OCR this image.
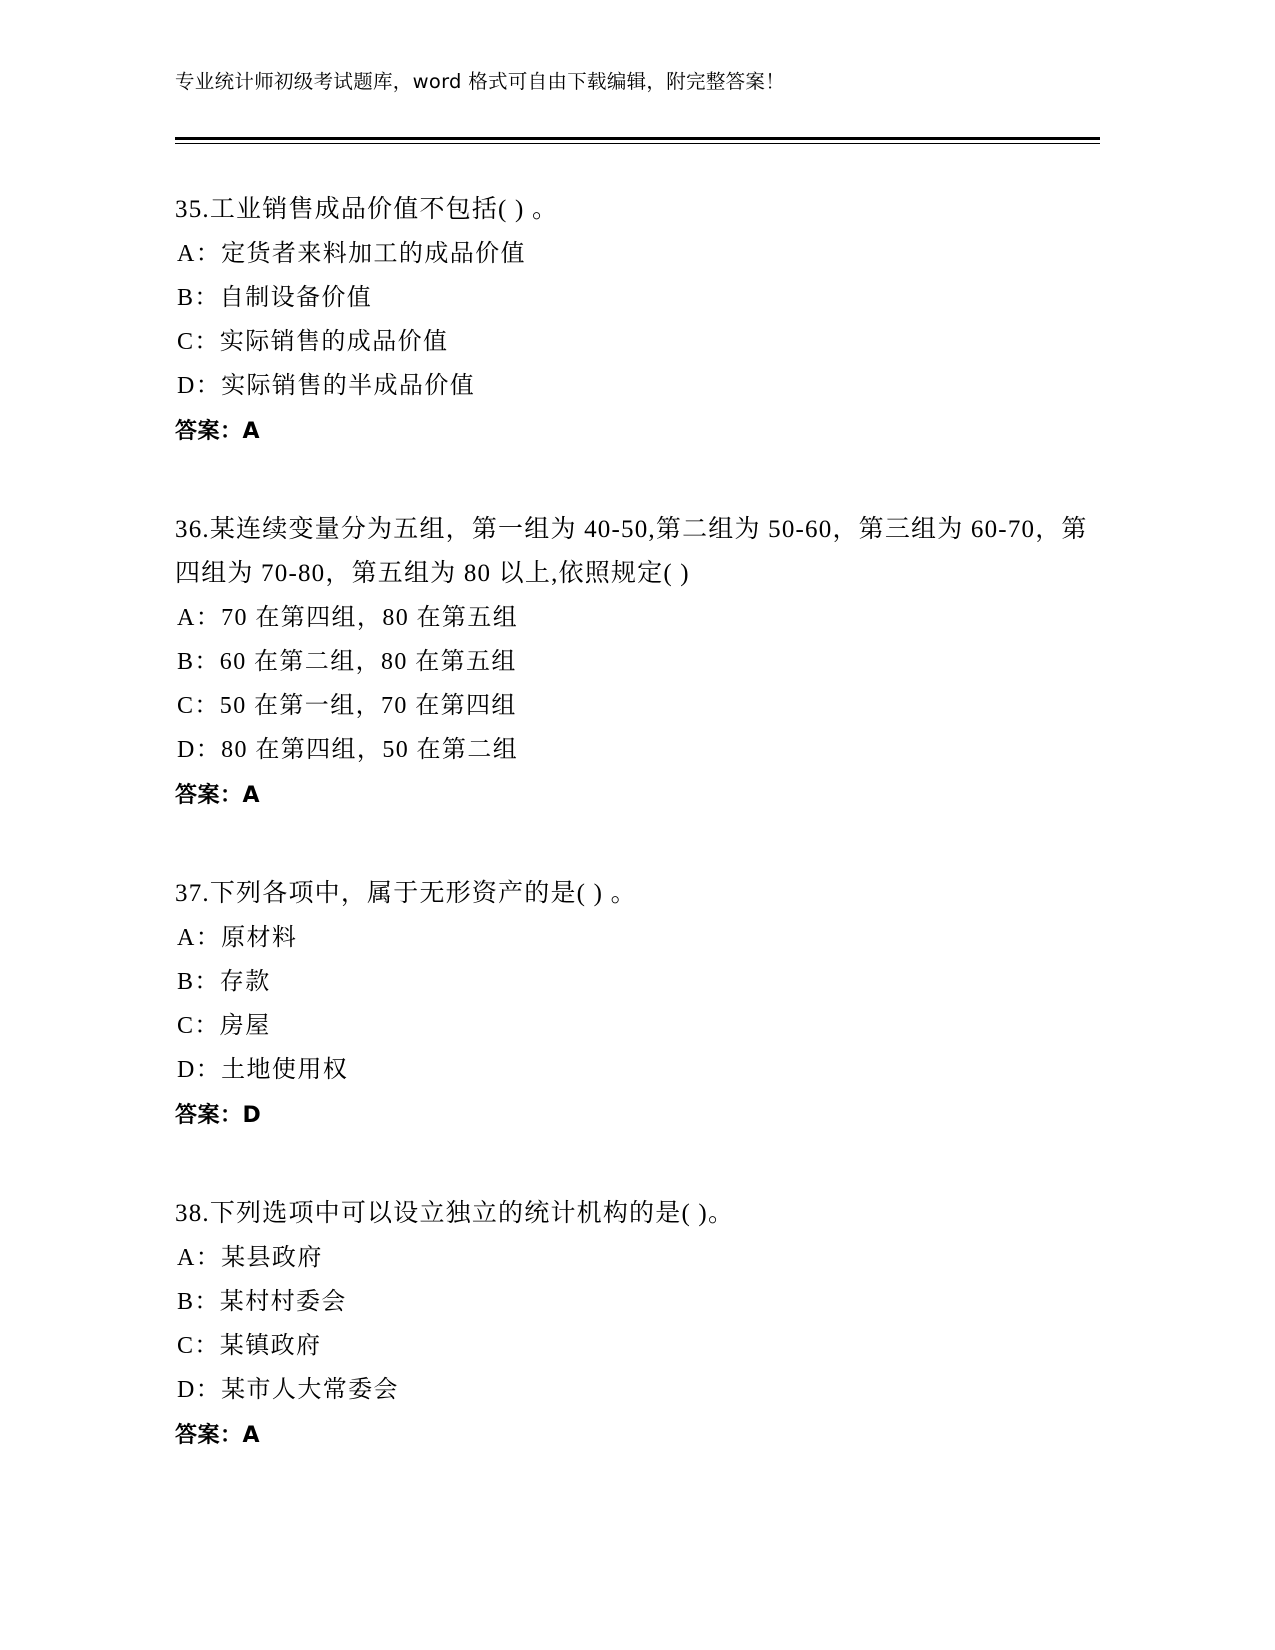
专业统计师初级考试题库，word 格式可自由下载编辑，附完整答案！
35.工业销售成品价值不包括( ) 。
A：定货者来料加工的成品价值
B：自制设备价值
C：实际销售的成品价值
D：实际销售的半成品价值
答案：A
36.某连续变量分为五组，第一组为 40-50,第二组为 50-60，第三组为 60-70，第四组为 70-80，第五组为 80 以上,依照规定( )
A：70 在第四组，80 在第五组
B：60 在第二组，80 在第五组
C：50 在第一组，70 在第四组
D：80 在第四组，50 在第二组
答案：A
37.下列各项中，属于无形资产的是( ) 。
A：原材料
B：存款
C：房屋
D：土地使用权
答案：D
38.下列选项中可以设立独立的统计机构的是( )。
A：某县政府
B：某村村委会
C：某镇政府
D：某市人大常委会
答案：A
